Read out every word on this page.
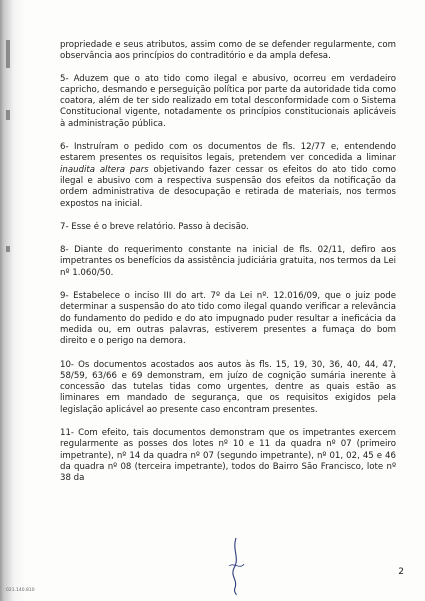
propriedade e seus atributos, assim como de se defender regularmente, com observância aos princípios do contraditório e da ampla defesa.

5- Aduzem que o ato tido como ilegal e abusivo, ocorreu em verdadeiro capricho, desmando e perseguição política por parte da autoridade tida como coatora, além de ter sido realizado em total desconformidade com o Sistema Constitucional vigente, notadamente os princípios constitucionais aplicáveis à administração pública.

6- Instruíram o pedido com os documentos de fls. 12/77 e, entendendo estarem presentes os requisitos legais, pretendem ver concedida a liminar inaudita altera pars objetivando fazer cessar os efeitos do ato tido como ilegal e abusivo com a respectiva suspensão dos efeitos da notificação da ordem administrativa de desocupação e retirada de materiais, nos termos expostos na inicial.

7- Esse é o breve relatório. Passo à decisão.

8- Diante do requerimento constante na inicial de fls. 02/11, defiro aos impetrantes os benefícios da assistência judiciária gratuita, nos termos da Lei nº 1.060/50.

9- Estabelece o inciso III do art. 7º da Lei nº. 12.016/09, que o juiz pode determinar a suspensão do ato tido como ilegal quando verificar a relevância do fundamento do pedido e do ato impugnado puder resultar a ineficácia da medida ou, em outras palavras, estiverem presentes a fumaça do bom direito e o perigo na demora.

10- Os documentos acostados aos autos às fls. 15, 19, 30, 36, 40, 44, 47, 58/59, 63/66 e 69 demonstram, em juízo de cognição sumária inerente à concessão das tutelas tidas como urgentes, dentre as quais estão as liminares em mandado de segurança, que os requisitos exigidos pela legislação aplicável ao presente caso encontram presentes.

11- Com efeito, tais documentos demonstram que os impetrantes exercem regularmente as posses dos lotes nº 10 e 11 da quadra nº 07 (primeiro impetrante), nº 14 da quadra nº 07 (segundo impetrante), nº 01, 02, 45 e 46 da quadra nº 08 (terceira impetrante), todos do Bairro São Francisco, lote nº 38 da

2
021.140.810
